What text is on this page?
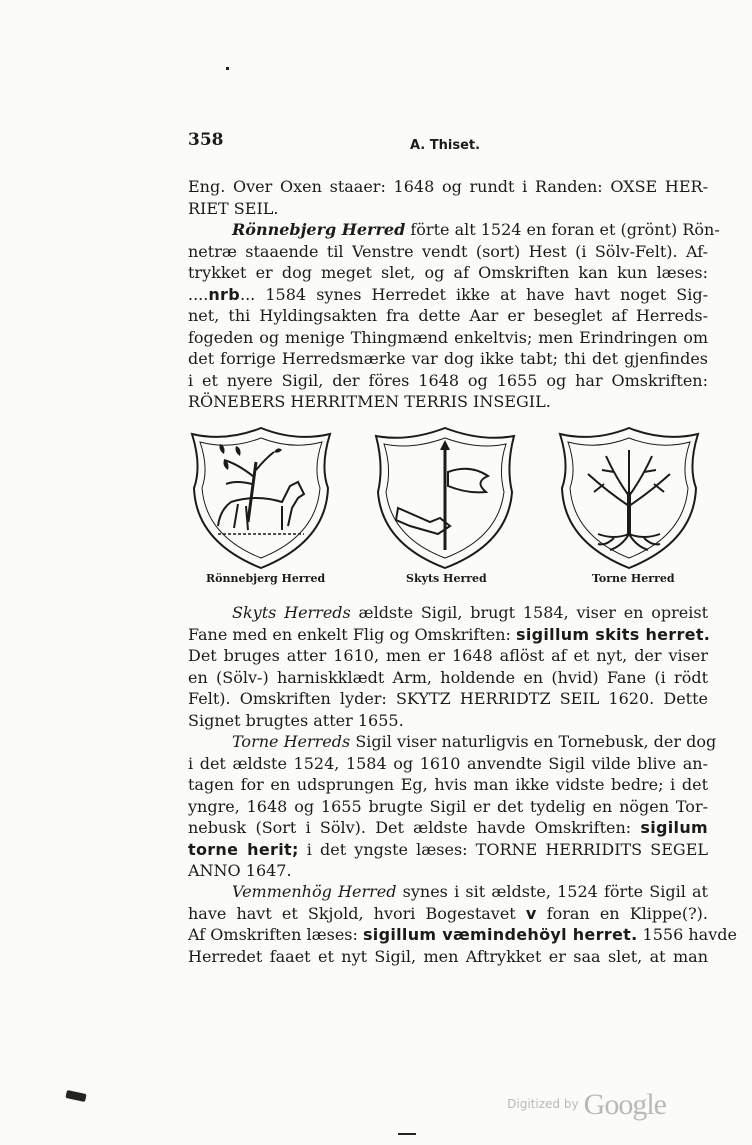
358	A. Thiset.
Eng. Over Oxen staaer: 1648 og rundt i Randen: OXSE HER-
RIET SEIL.
Rönnebjerg Herred förte alt 1524 en foran et (grönt) Rön-
netræ staaende til Venstre vendt (sort) Hest (i Sölv-Felt). Af-
trykket er dog meget slet, og af Omskriften kan kun læses:
....nrb... 1584 synes Herredet ikke at have havt noget Sig-
net, thi Hyldingsakten fra dette Aar er beseglet af Herreds-
fogeden og menige Thingmænd enkeltvis; men Erindringen om
det forrige Herredsmærke var dog ikke tabt; thi det gjenfindes
i et nyere Sigil, der föres 1648 og 1655 og har Omskriften:
RÖNEBERS HERRITMEN TERRIS INSEGIL.
Rönnebjerg Herred	Skyts Herred	Torne Herred
Skyts Herreds ældste Sigil, brugt 1584, viser en opreist
Fane med en enkelt Flig og Omskriften: sigillum skits herret.
Det bruges atter 1610, men er 1648 aflöst af et nyt, der viser
en (Sölv-) harniskklædt Arm, holdende en (hvid) Fane (i rödt
Felt). Omskriften lyder: SKYTZ HERRIDTZ SEIL 1620. Dette
Signet brugtes atter 1655.
Torne Herreds Sigil viser naturligvis en Tornebusk, der dog
i det ældste 1524, 1584 og 1610 anvendte Sigil vilde blive an-
tagen for en udsprungen Eg, hvis man ikke vidste bedre; i det
yngre, 1648 og 1655 brugte Sigil er det tydelig en nögen Tor-
nebusk (Sort i Sölv). Det ældste havde Omskriften: sigilum
torne herit; i det yngste læses: TORNE HERRIDITS SEGEL
ANNO 1647.
Vemmenhög Herred synes i sit ældste, 1524 förte Sigil at
have havt et Skjold, hvori Bogestavet v foran en Klippe(?).
Af Omskriften læses: sigillum væmindehöyl herret. 1556 havde
Herredet faaet et nyt Sigil, men Aftrykket er saa slet, at man
$^{Digitized by}$ Google
